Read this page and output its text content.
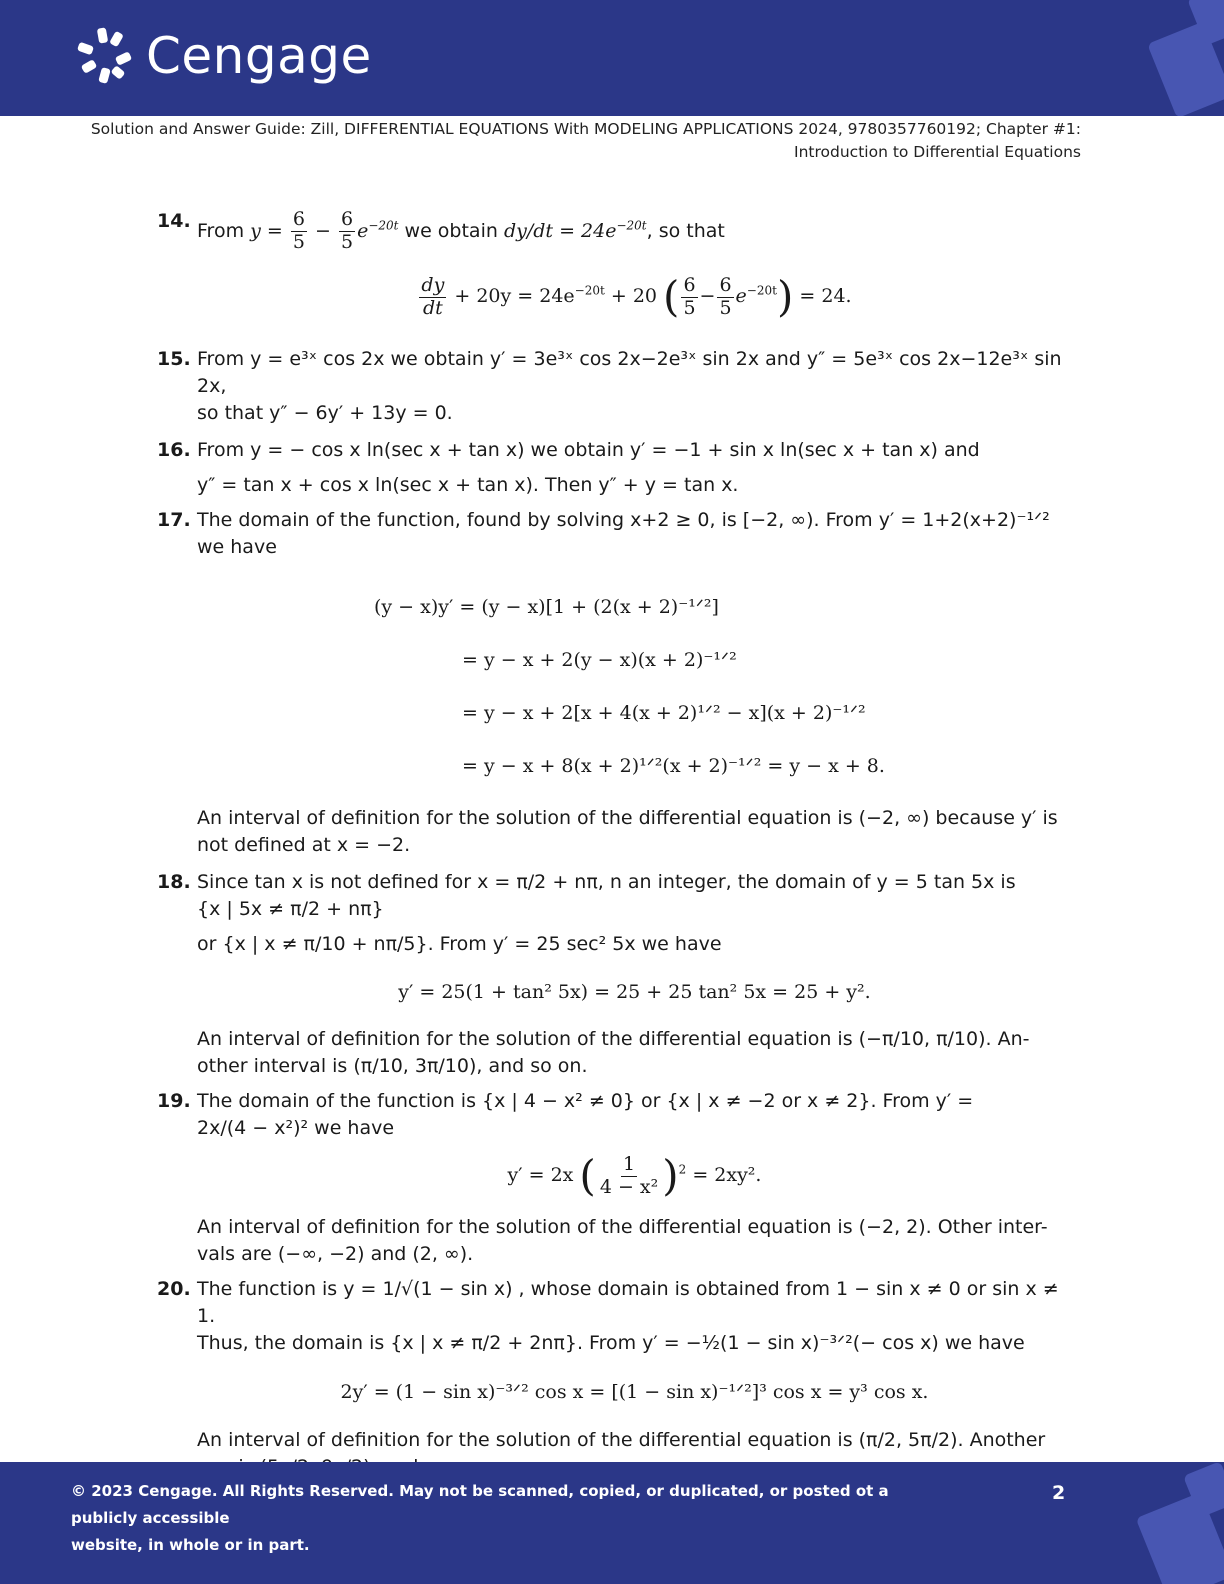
Cengage
Solution and Answer Guide: Zill, DIFFERENTIAL EQUATIONS With MODELING APPLICATIONS 2024, 9780357760192; Chapter #1:
Introduction to Differential Equations
14. From $y = \frac{6}{5} - \frac{6}{5} e^{-20t}$ we obtain $dy/dt = 24e^{-20t}$, so that
$\frac{dy}{dt} + 20y = 24e^{-20t} + 20$ ( $\frac{6}{5} - \frac{6}{5} e^{-20t}) = 24$.
15. From y = e³ˣ cos 2x we obtain y′ = 3e³ˣ cos 2x−2e³ˣ sin 2x and y″ = 5e³ˣ cos 2x−12e³ˣ sin 2x,
so that y″ − 6y′ + 13y = 0.
16. From y = − cos x ln(sec x + tan x) we obtain y′ = −1 + sin x ln(sec x + tan x) and
y″ = tan x + cos x ln(sec x + tan x). Then y″ + y = tan x.
17. The domain of the function, found by solving x+2 ≥ 0, is [−2, ∞). From y′ = 1+2(x+2)⁻¹ᐟ²
we have
(y − x)y′ = (y − x)[1 + (2(x + 2)⁻¹ᐟ²]
= y − x + 2(y − x)(x + 2)⁻¹ᐟ²
= y − x + 2[x + 4(x + 2)¹ᐟ² − x](x + 2)⁻¹ᐟ²
= y − x + 8(x + 2)¹ᐟ²(x + 2)⁻¹ᐟ² = y − x + 8.
An interval of definition for the solution of the differential equation is (−2, ∞) because y′ is
not defined at x = −2.
18. Since tan x is not defined for x = π/2 + nπ, n an integer, the domain of y = 5 tan 5x is
{x | 5x ≠ π/2 + nπ}
or {x | x ≠ π/10 + nπ/5}. From y′ = 25 sec² 5x we have
y′ = 25(1 + tan² 5x) = 25 + 25 tan² 5x = 25 + y².
An interval of definition for the solution of the differential equation is (−π/10, π/10). An-
other interval is (π/10, 3π/10), and so on.
19. The domain of the function is {x | 4 − x² ≠ 0} or {x | x ≠ −2 or x ≠ 2}. From y′ =
2x/(4 − x²)² we have
y′ = 2x ( $\frac{1}{\text{4 − x²}} )^2 = 2xy^2$.
An interval of definition for the solution of the differential equation is (−2, 2). Other inter-
vals are (−∞, −2) and (2, ∞).
20. The function is y = 1/√(1 − sin x) , whose domain is obtained from 1 − sin x ≠ 0 or sin x ≠ 1.
Thus, the domain is {x | x ≠ π/2 + 2nπ}. From y′ = −½(1 − sin x)⁻³ᐟ²(− cos x) we have
2y′ = (1 − sin x)⁻³ᐟ² cos x = [(1 − sin x)⁻¹ᐟ²]³ cos x = y³ cos x.
An interval of definition for the solution of the differential equation is (π/2, 5π/2). Another
© 2023 Cengage. All Rights Reserved. May not be scanned, copied, or duplicated, or posted ot a publicly accessible
website, in whole or in part.
2
